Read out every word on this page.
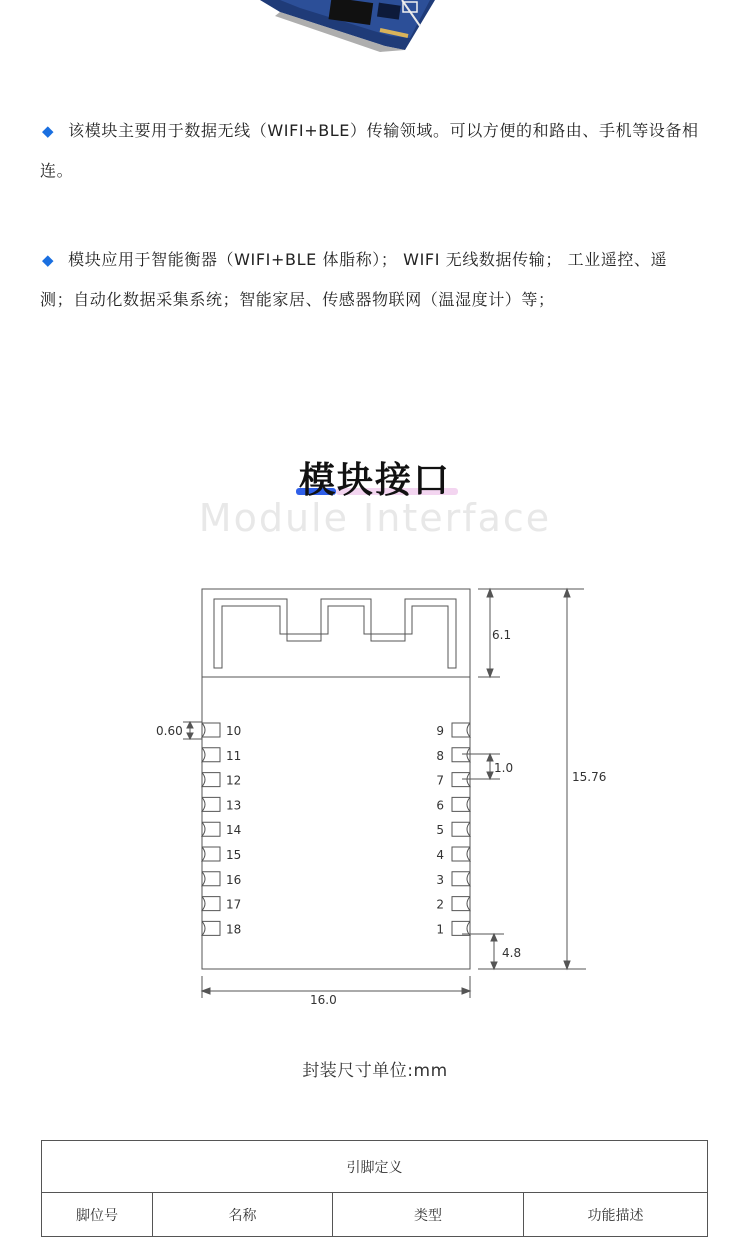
◆ 该模块主要用于数据无线（WIFI+BLE）传输领域。可以方便的和路由、手机等设备相连。
◆ 模块应用于智能衡器（WIFI+BLE 体脂称）； WIFI 无线数据传输； 工业遥控、遥测；自动化数据采集系统；智能家居、传感器物联网（温湿度计）等；
模块接口
Module Interface
10
11
12
13
14
15
16
17
18
9
8
7
6
5
4
3
2
1
6.1
15.76
0.60
1.0
4.8
16.0
封装尺寸单位:mm
引脚定义
脚位号	名称	类型	功能描述
